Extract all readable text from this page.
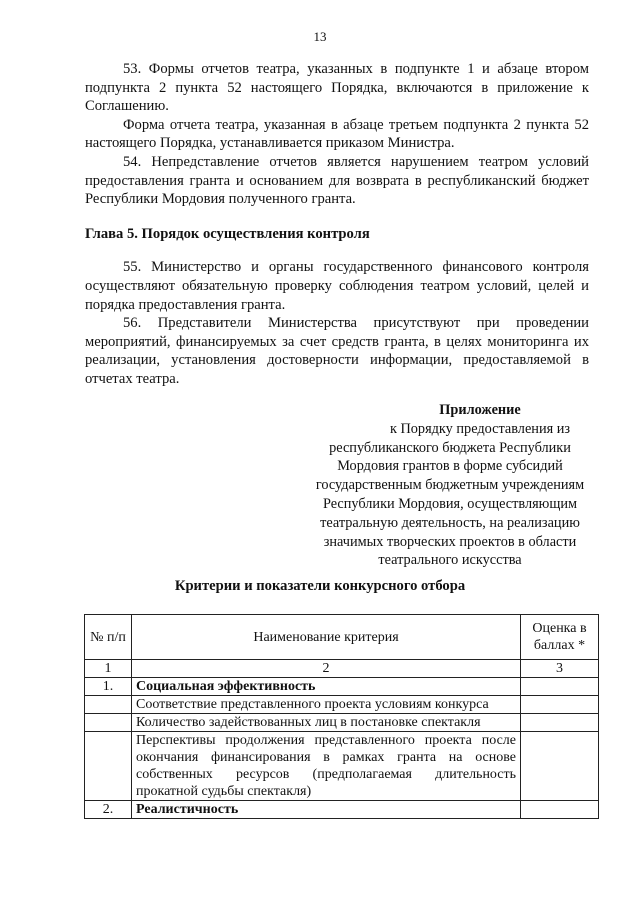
13

53. Формы отчетов театра, указанных в подпункте 1 и абзаце втором подпункта 2 пункта 52 настоящего Порядка, включаются в приложение к Соглашению.

Форма отчета театра, указанная в абзаце третьем подпункта 2 пункта 52 настоящего Порядка, устанавливается приказом Министра.

54. Непредставление отчетов является нарушением театром условий предоставления гранта и основанием для возврата в республиканский бюджет Республики Мордовия полученного гранта.

Глава 5. Порядок осуществления контроля

55. Министерство и органы государственного финансового контроля осуществляют обязательную проверку соблюдения театром условий, целей и порядка предоставления гранта.

56. Представители Министерства присутствуют при проведении мероприятий, финансируемых за счет средств гранта, в целях мониторинга их реализации, установления достоверности информации, предоставляемой в отчетах театра.

Приложение
к Порядку предоставления из
республиканского бюджета Республики
Мордовия грантов в форме субсидий
государственным бюджетным учреждениям
Республики Мордовия, осуществляющим
театральную деятельность, на реализацию
значимых творческих проектов в области
театрального искусства

Критерии и показатели конкурсного отбора

№ п/п	Наименование критерия	Оценка в баллах *
1	2	3
1.	Социальная эффективность	
	Соответствие представленного проекта условиям конкурса	
	Количество задействованных лиц в постановке спектакля	
	Перспективы продолжения представленного проекта после окончания финансирования в рамках гранта на основе собственных ресурсов (предполагаемая длительность прокатной судьбы спектакля)	
2.	Реалистичность	
